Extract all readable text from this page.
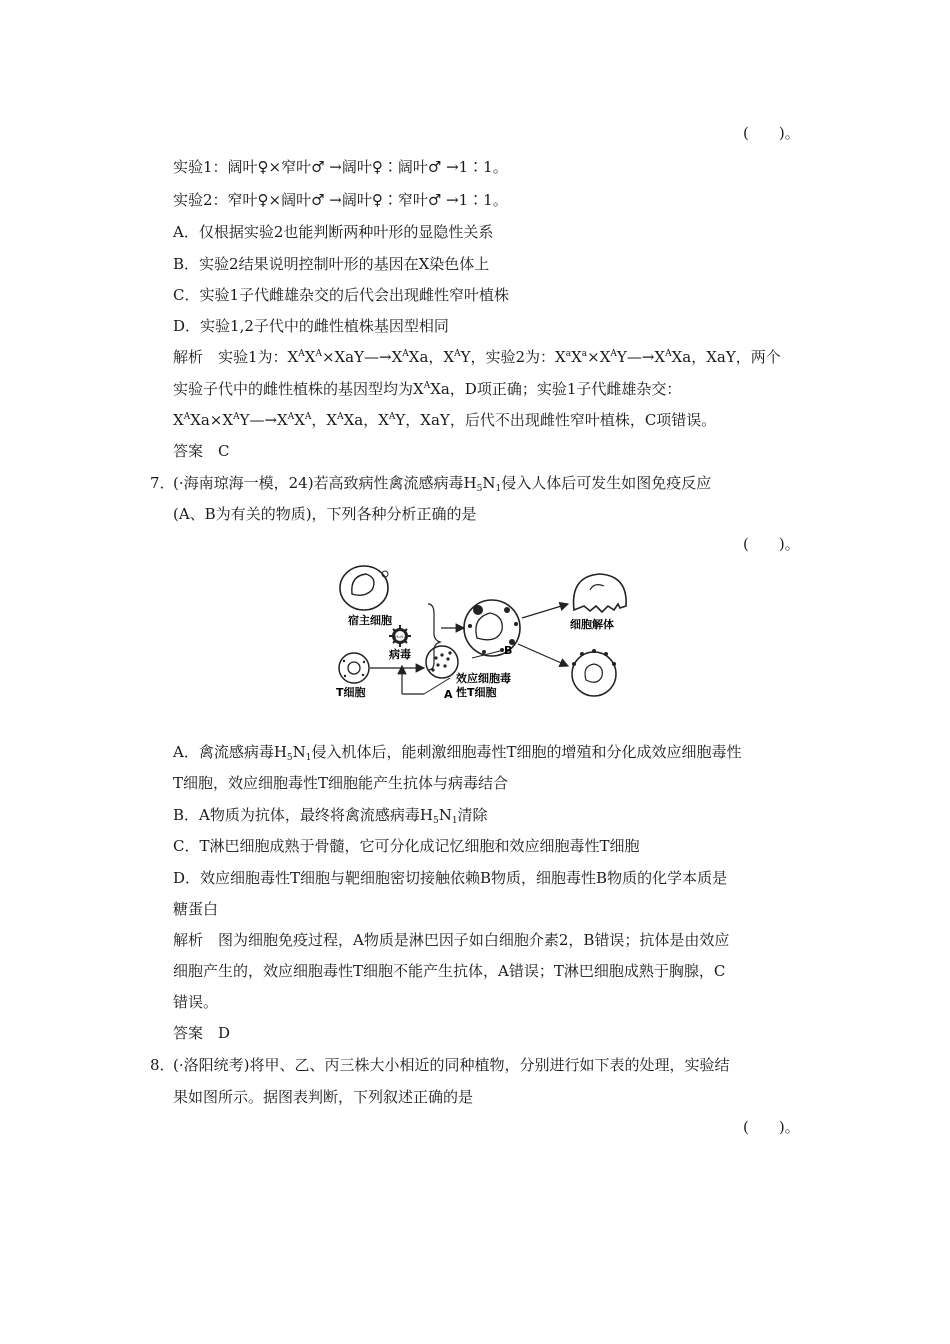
(　　)。
实验1：阔叶♀×窄叶♂ →阔叶♀∶阔叶♂ →1∶1。
实验2：窄叶♀×阔叶♂ →阔叶♀∶窄叶♂ →1∶1。
A．仅根据实验2也能判断两种叶形的显隐性关系
B．实验2结果说明控制叶形的基因在X染色体上
C．实验1子代雌雄杂交的后代会出现雌性窄叶植株
D．实验1,2子代中的雌性植株基因型相同
解析　实验1为：$X^AX^A\times XaY—\to X^AXa$，$X^AY$，实验2为：$X^aX^a\times X^AY—\to X^AXa$，XaY，两个
实验子代中的雌性植株的基因型均为$X^AXa$，D项正确；实验1子代雌雄杂交：
$X^AXa\times X^AY—\to X^AX^A$，$X^AXa$，$X^AY$，XaY，后代不出现雌性窄叶植株，C项错误。
答案　C
7．
(·海南琼海一模，24)若高致病性禽流感病毒$H_5N_1$侵入人体后可发生如图免疫反应
(A、B为有关的物质)，下列各种分析正确的是
(　　)。
宿主细胞
H₅N₁
病毒
T细胞
B
A
效应细胞毒
性T细胞
细胞解体
A．禽流感病毒$H_5N_1$侵入机体后，能刺激细胞毒性T细胞的增殖和分化成效应细胞毒性
T细胞，效应细胞毒性T细胞能产生抗体与病毒结合
B．A物质为抗体，最终将禽流感病毒$H_5N_1$清除
C．T淋巴细胞成熟于骨髓，它可分化成记忆细胞和效应细胞毒性T细胞
D．效应细胞毒性T细胞与靶细胞密切接触依赖B物质，细胞毒性B物质的化学本质是
糖蛋白
解析　图为细胞免疫过程，A物质是淋巴因子如白细胞介素2，B错误；抗体是由效应
细胞产生的，效应细胞毒性T细胞不能产生抗体，A错误；T淋巴细胞成熟于胸腺，C
错误。
答案　D
8．
(·洛阳统考)将甲、乙、丙三株大小相近的同种植物，分别进行如下表的处理，实验结
果如图所示。据图表判断，下列叙述正确的是
(　　)。
